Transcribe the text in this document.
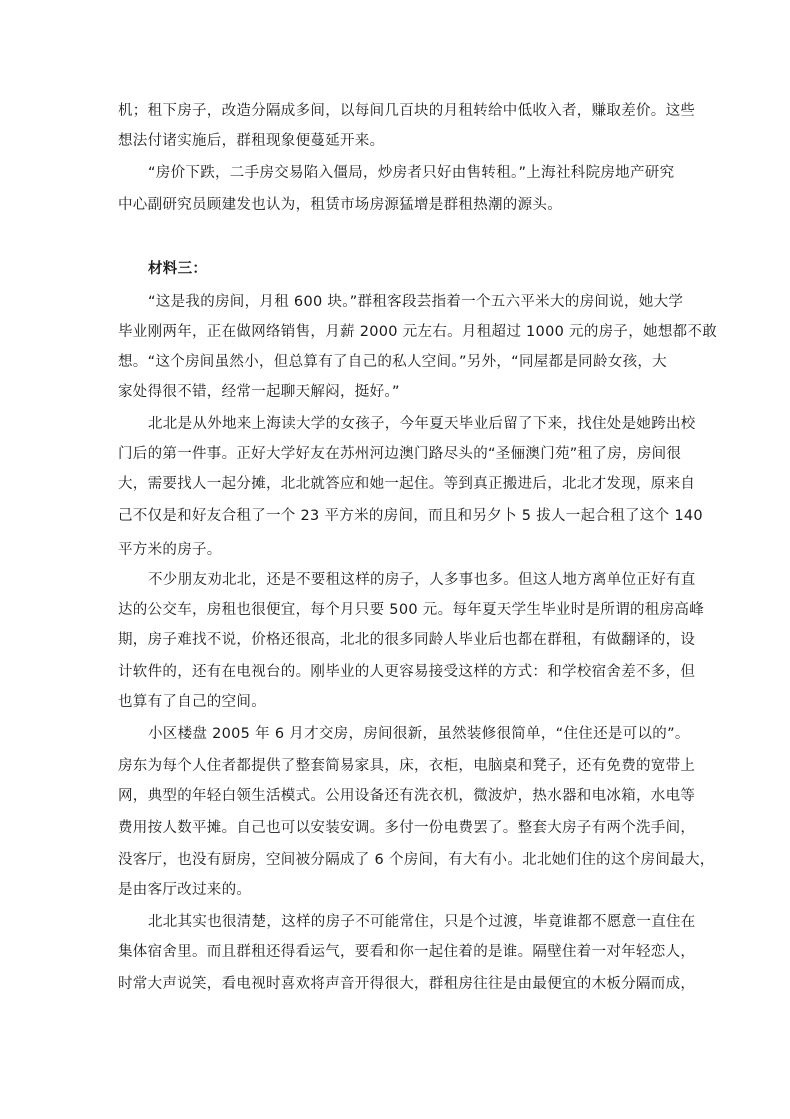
机；租下房子，改造分隔成多间，以每间几百块的月租转给中低收入者，赚取差价。这些
想法付诸实施后，群租现象便蔓延开来。
“房价下跌，二手房交易陷入僵局，炒房者只好由售转租。”上海社科院房地产研究
中心副研究员顾建发也认为，租赁市场房源猛增是群租热潮的源头。
材料三：
“这是我的房间，月租 600 块。”群租客段芸指着一个五六平米大的房间说，她大学
毕业刚两年，正在做网络销售，月薪 2000 元左右。月租超过 1000 元的房子，她想都不敢
想。“这个房间虽然小，但总算有了自己的私人空间。”另外，“同屋都是同龄女孩，大
家处得很不错，经常一起聊天解闷，挺好。”
北北是从外地来上海读大学的女孩子，今年夏天毕业后留了下来，找住处是她跨出校
门后的第一件事。正好大学好友在苏州河边澳门路尽头的“圣俪澳门苑”租了房，房间很
大，需要找人一起分摊，北北就答应和她一起住。等到真正搬进后，北北才发现，原来自
己不仅是和好友合租了一个 23 平方米的房间，而且和另夕卜 5 拔人一起合租了这个 140
平方米的房子。
不少朋友劝北北，还是不要租这样的房子，人多事也多。但这人地方离单位正好有直
达的公交车，房租也很便宜，每个月只要 500 元。每年夏天学生毕业时是所谓的租房高峰
期，房子难找不说，价格还很高，北北的很多同龄人毕业后也都在群租，有做翻译的，设
计软件的，还有在电视台的。刚毕业的人更容易接受这样的方式：和学校宿舍差不多，但
也算有了自己的空间。
小区楼盘 2005 年 6 月才交房，房间很新，虽然装修很简单，“住住还是可以的”。
房东为每个人住者都提供了整套简易家具，床，衣柜，电脑桌和凳子，还有免费的宽带上
网，典型的年轻白领生活模式。公用设备还有洗衣机，微波炉，热水器和电冰箱，水电等
费用按人数平摊。自己也可以安装安调。多付一份电费罢了。整套大房子有两个洗手间，
没客厅，也没有厨房，空间被分隔成了 6 个房间，有大有小。北北她们住的这个房间最大，
是由客厅改过来的。
北北其实也很清楚，这样的房子不可能常住，只是个过渡，毕竟谁都不愿意一直住在
集体宿舍里。而且群租还得看运气，要看和你一起住着的是谁。隔壁住着一对年轻恋人，
时常大声说笑，看电视时喜欢将声音开得很大，群租房往往是由最便宜的木板分隔而成，
